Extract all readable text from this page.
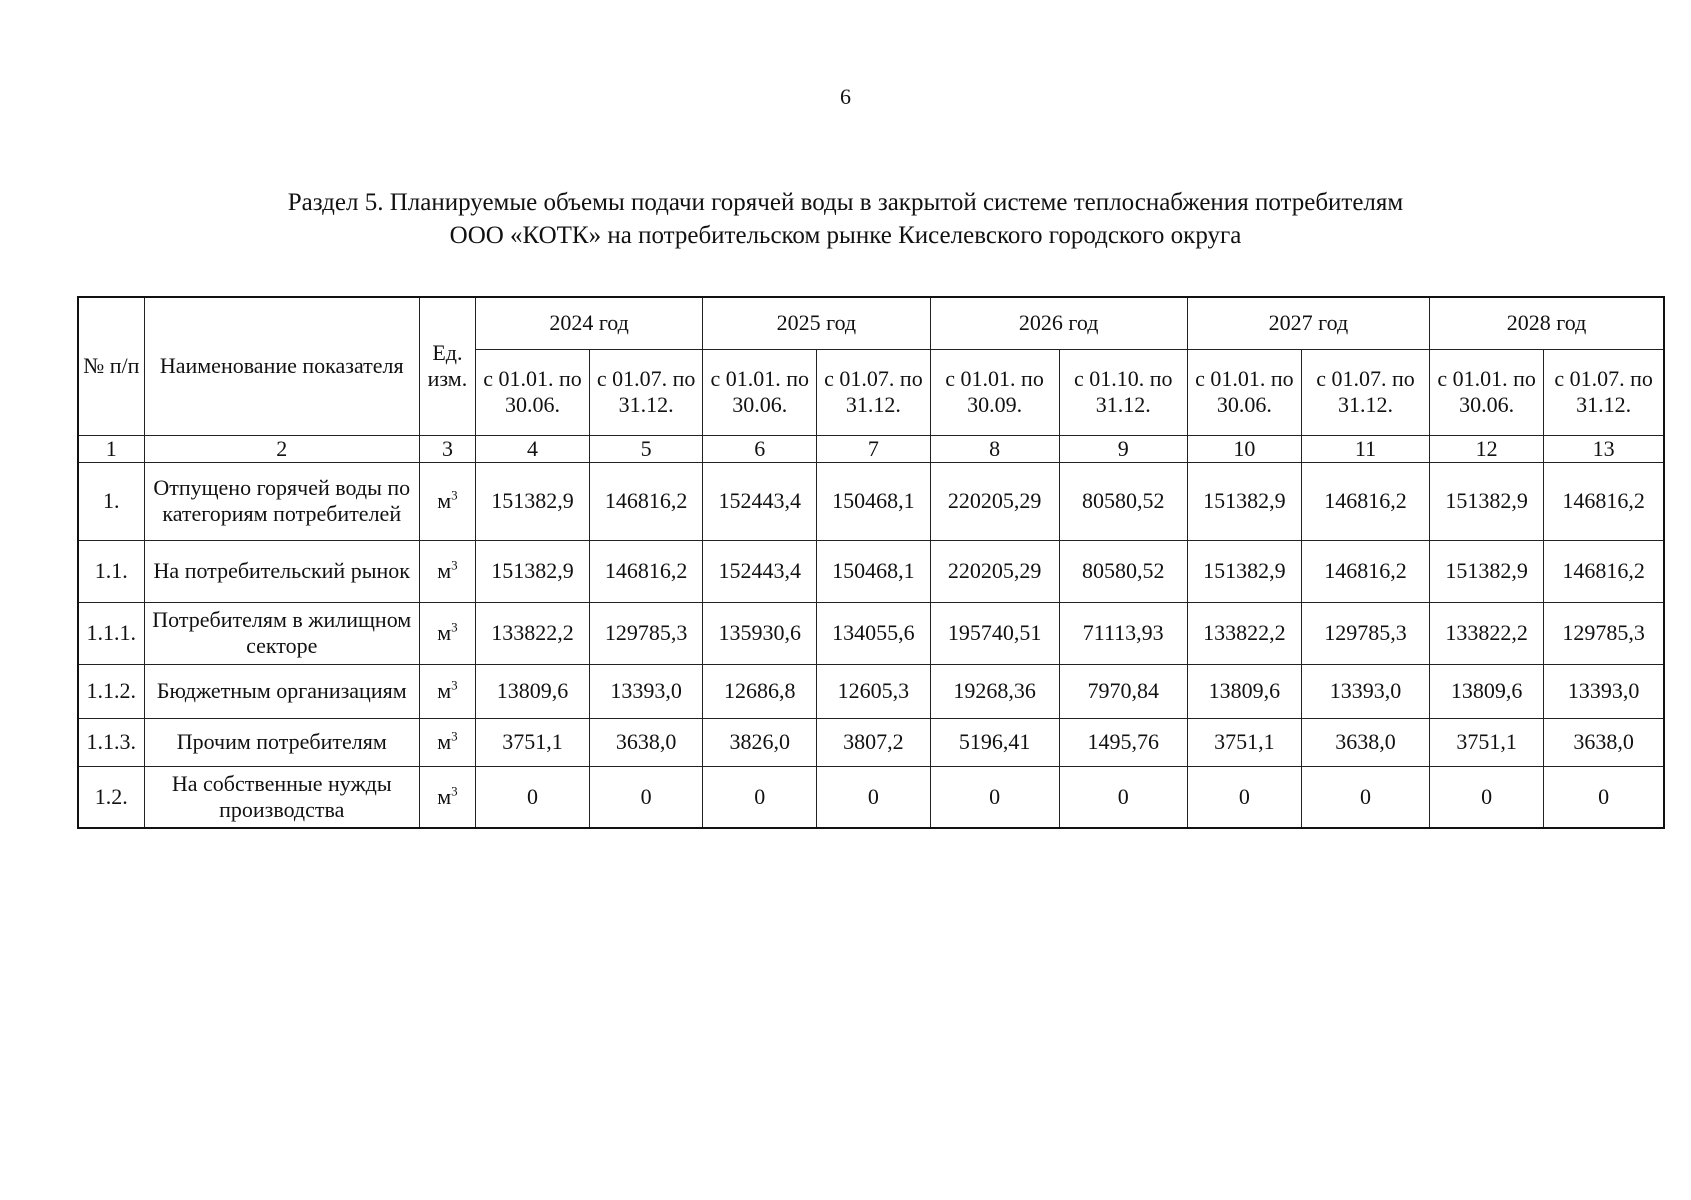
6
Раздел 5. Планируемые объемы подачи горячей воды в закрытой системе теплоснабжения потребителям
ООО «КОТК» на потребительском рынке Киселевского городского округа
№ п/п	Наименование показателя	Ед. изм.	2024 год		2025 год		2026 год		2027 год		2028 год	
			с 01.01. по 30.06.	с 01.07. по 31.12.	с 01.01. по 30.06.	с 01.07. по 31.12.	с 01.01. по 30.09.	с 01.10. по 31.12.	с 01.01. по 30.06.	с 01.07. по 31.12.	с 01.01. по 30.06.	с 01.07. по 31.12.
1	2	3	4	5	6	7	8	9	10	11	12	13
1.	Отпущено горячей воды по категориям потребителей	$м^3$	151382,9	146816,2	152443,4	150468,1	220205,29	80580,52	151382,9	146816,2	151382,9	146816,2
1.1.	На потребительский рынок	$м^3$	151382,9	146816,2	152443,4	150468,1	220205,29	80580,52	151382,9	146816,2	151382,9	146816,2
1.1.1.	Потребителям в жилищном секторе	$м^3$	133822,2	129785,3	135930,6	134055,6	195740,51	71113,93	133822,2	129785,3	133822,2	129785,3
1.1.2.	Бюджетным организациям	$м^3$	13809,6	13393,0	12686,8	12605,3	19268,36	7970,84	13809,6	13393,0	13809,6	13393,0
1.1.3.	Прочим потребителям	$м^3$	3751,1	3638,0	3826,0	3807,2	5196,41	1495,76	3751,1	3638,0	3751,1	3638,0
1.2.	На собственные нужды производства	$м^3$	0	0	0	0	0	0	0	0	0	0
